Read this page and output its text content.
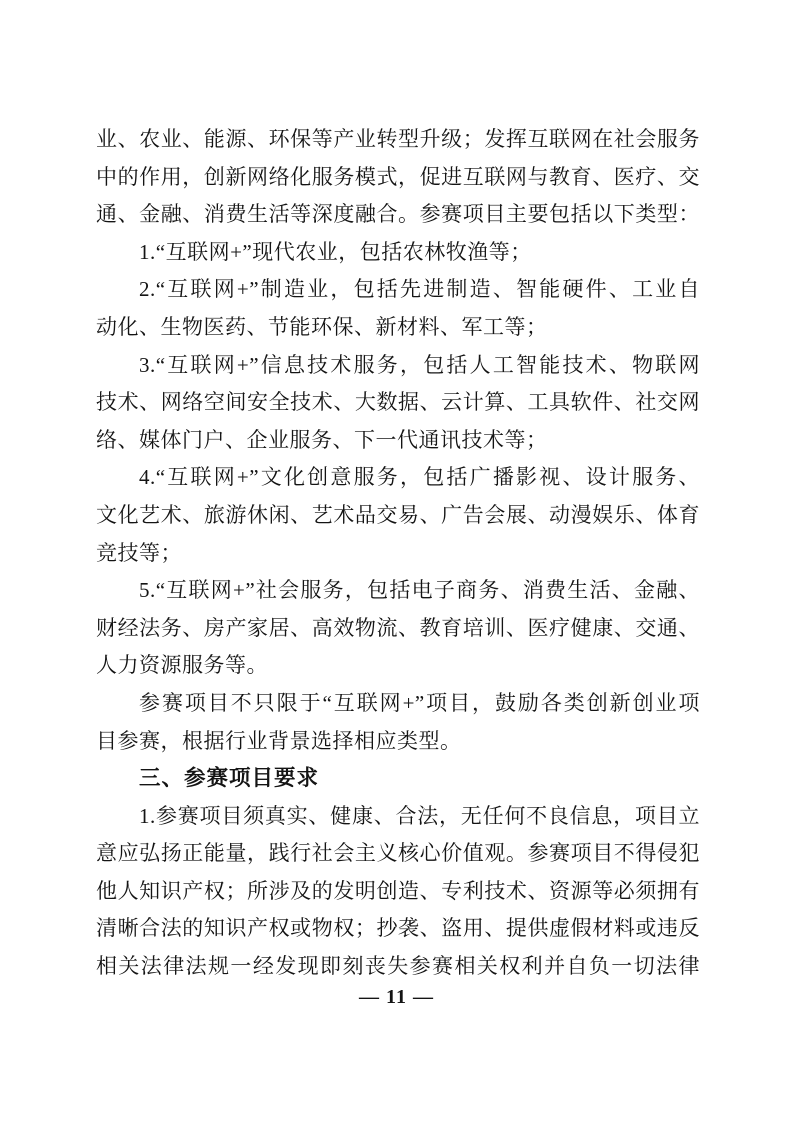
业、农业、能源、环保等产业转型升级；发挥互联网在社会服务
中的作用，创新网络化服务模式，促进互联网与教育、医疗、交
通、金融、消费生活等深度融合。参赛项目主要包括以下类型：
1.“互联网+”现代农业，包括农林牧渔等；
2.“互联网+”制造业，包括先进制造、智能硬件、工业自
动化、生物医药、节能环保、新材料、军工等；
3.“互联网+”信息技术服务，包括人工智能技术、物联网
技术、网络空间安全技术、大数据、云计算、工具软件、社交网
络、媒体门户、企业服务、下一代通讯技术等；
4.“互联网+”文化创意服务，包括广播影视、设计服务、
文化艺术、旅游休闲、艺术品交易、广告会展、动漫娱乐、体育
竞技等；
5.“互联网+”社会服务，包括电子商务、消费生活、金融、
财经法务、房产家居、高效物流、教育培训、医疗健康、交通、
人力资源服务等。
参赛项目不只限于“互联网+”项目，鼓励各类创新创业项
目参赛，根据行业背景选择相应类型。
三、参赛项目要求
1.参赛项目须真实、健康、合法，无任何不良信息，项目立
意应弘扬正能量，践行社会主义核心价值观。参赛项目不得侵犯
他人知识产权；所涉及的发明创造、专利技术、资源等必须拥有
清晰合法的知识产权或物权；抄袭、盗用、提供虚假材料或违反
相关法律法规一经发现即刻丧失参赛相关权利并自负一切法律
— 11 —
